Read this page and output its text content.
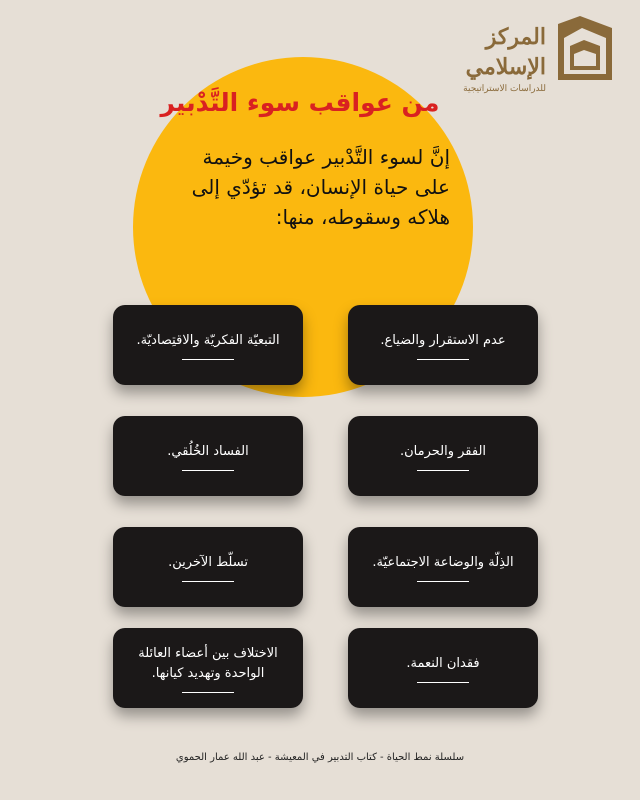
المركز الإسلامي
للدراسات الاستراتيجية
من عواقب سوء التَّدْبير
إنَّ لسوء التَّدْبير عواقب وخيمة على حياة الإنسان، قد تؤدّي إلى هلاكه وسقوطه، منها:
عدم الاستقرار والضياع.
التبعيّة الفكريّة والاقتِصاديّة.
الفقر والحرمان.
الفساد الخُلُقي.
الذِلّة والوضاعة الاجتماعيّة.
تسلّط الآخرين.
فقدان النعمة.
الاختلاف بين أعضاء العائلة الواحدة وتهديد كيانها.
سلسلة نمط الحياة - كتاب التدبير في المعيشة - عبد الله عمار الحموي
